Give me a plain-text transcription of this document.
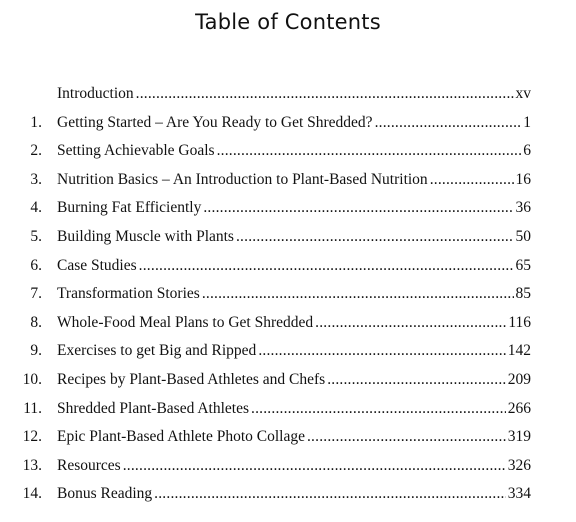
Table of Contents
Introduction .....	xv
1. Getting Started – Are You Ready to Get Shredded? .....	1
2. Setting Achievable Goals .....	6
3. Nutrition Basics – An Introduction to Plant-Based Nutrition .....	16
4. Burning Fat Efficiently .....	36
5. Building Muscle with Plants .....	50
6. Case Studies .....	65
7. Transformation Stories .....	85
8. Whole-Food Meal Plans to Get Shredded .....	116
9. Exercises to get Big and Ripped .....	142
10. Recipes by Plant-Based Athletes and Chefs .....	209
11. Shredded Plant-Based Athletes .....	266
12. Epic Plant-Based Athlete Photo Collage .....	319
13. Resources .....	326
14. Bonus Reading .....	334
